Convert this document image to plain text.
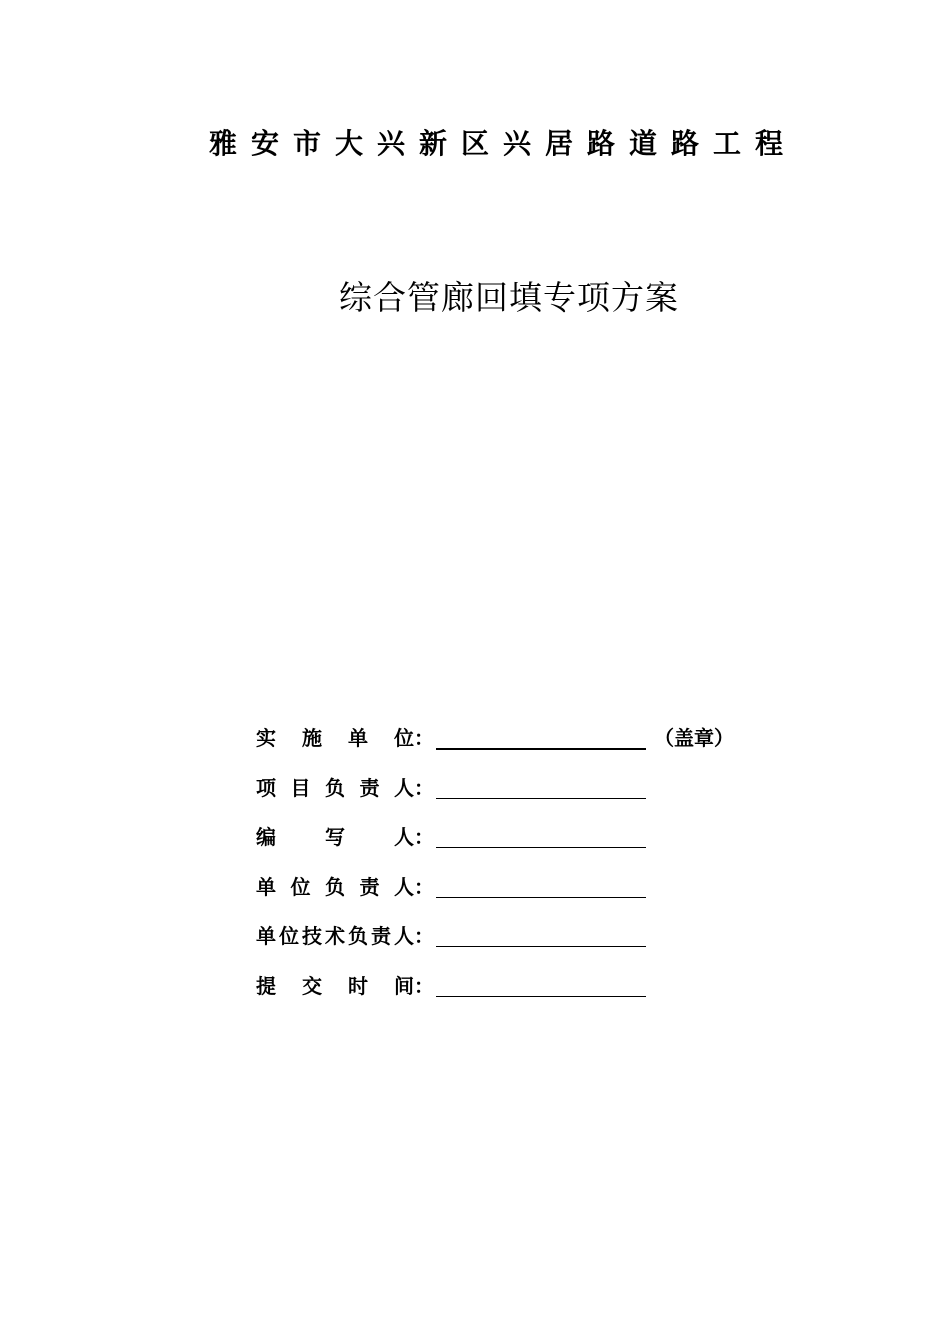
雅安市大兴新区兴居路道路工程
综合管廊回填专项方案
实施单位 ：	（盖章）
项目负责人 ：
编写人 ：
单位负责人 ：
单位技术负责人 ：
提交时间 ：
